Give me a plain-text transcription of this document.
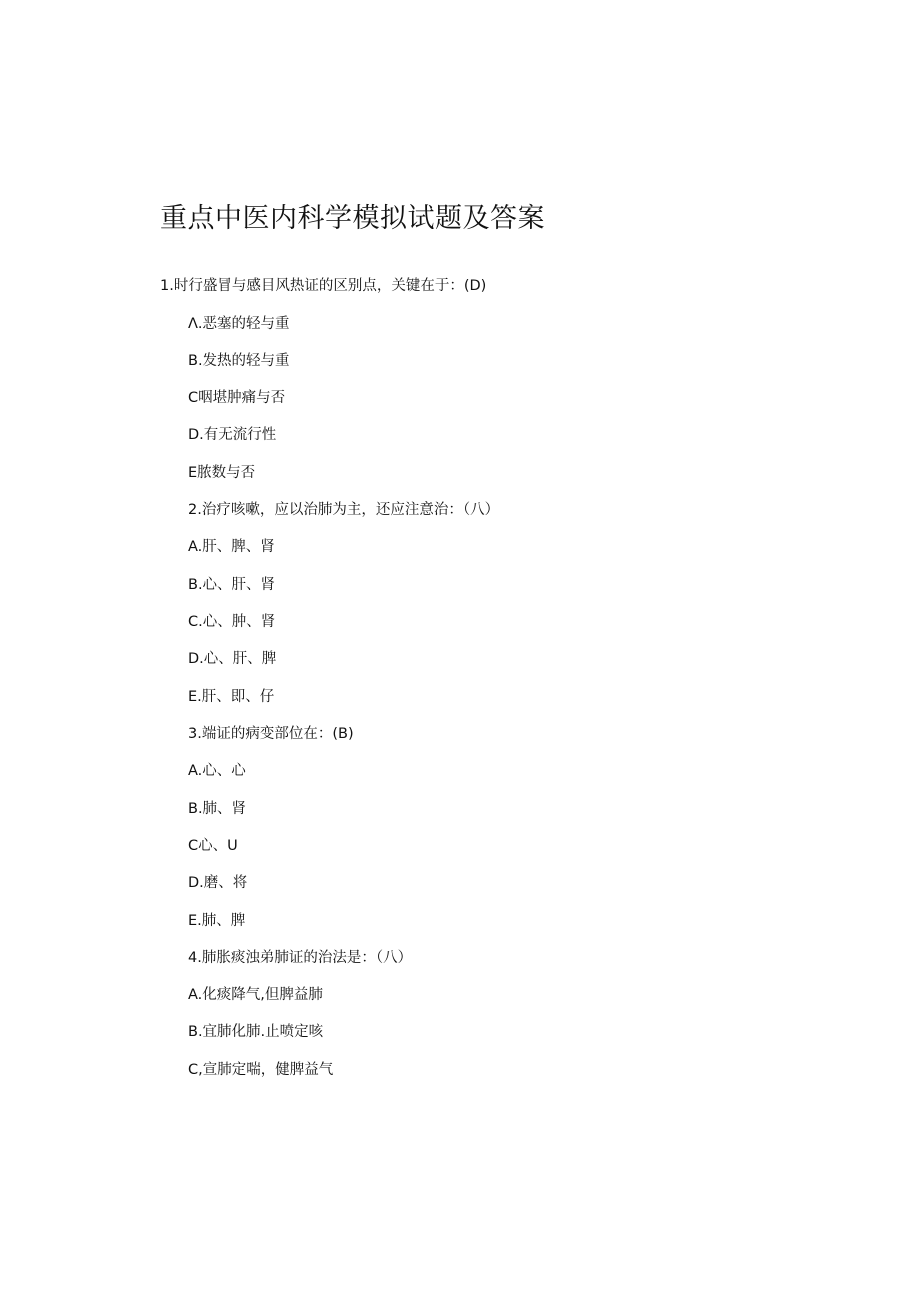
重点中医内科学模拟试题及答案
1.时行盛冒与感目风热证的区别点，关键在于：(D)
Λ.恶塞的轻与重
B.发热的轻与重
C咽堪肿痛与否
D.有无流行性
E脓数与否
2.治疗咳嗽，应以治肺为主，还应注意治：（八）
A.肝、脾、肾
B.心、肝、肾
C.心、肿、肾
D.心、肝、脾
E.肝、即、仔
3.端证的病变部位在：(B)
A.心、心
B.肺、肾
C心、U
D.磨、将
E.肺、脾
4.肺胀痰浊弟肺证的治法是：（八）
A.化痰降气,但脾益肺
B.宜肺化肺.止喷定咳
C,宣肺定喘，健脾益气
